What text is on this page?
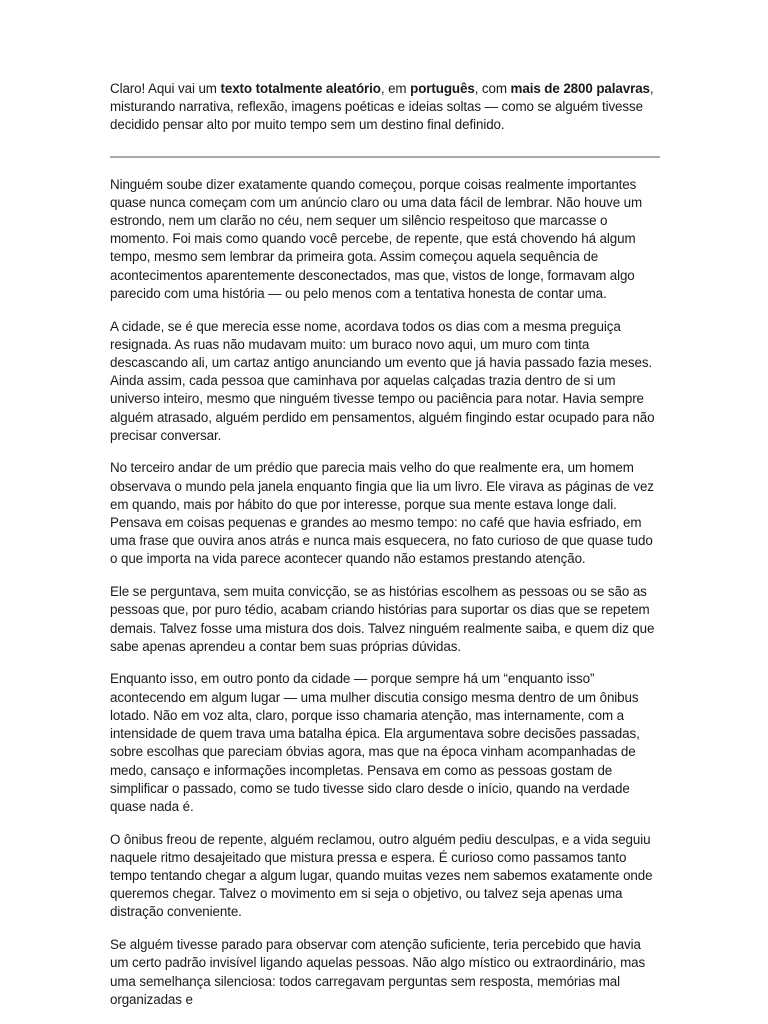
Claro! Aqui vai um texto totalmente aleatório, em português, com mais de 2800 palavras, misturando narrativa, reflexão, imagens poéticas e ideias soltas — como se alguém tivesse decidido pensar alto por muito tempo sem um destino final definido.

Ninguém soube dizer exatamente quando começou, porque coisas realmente importantes quase nunca começam com um anúncio claro ou uma data fácil de lembrar. Não houve um estrondo, nem um clarão no céu, nem sequer um silêncio respeitoso que marcasse o momento. Foi mais como quando você percebe, de repente, que está chovendo há algum tempo, mesmo sem lembrar da primeira gota. Assim começou aquela sequência de acontecimentos aparentemente desconectados, mas que, vistos de longe, formavam algo parecido com uma história — ou pelo menos com a tentativa honesta de contar uma.

A cidade, se é que merecia esse nome, acordava todos os dias com a mesma preguiça resignada. As ruas não mudavam muito: um buraco novo aqui, um muro com tinta descascando ali, um cartaz antigo anunciando um evento que já havia passado fazia meses. Ainda assim, cada pessoa que caminhava por aquelas calçadas trazia dentro de si um universo inteiro, mesmo que ninguém tivesse tempo ou paciência para notar. Havia sempre alguém atrasado, alguém perdido em pensamentos, alguém fingindo estar ocupado para não precisar conversar.

No terceiro andar de um prédio que parecia mais velho do que realmente era, um homem observava o mundo pela janela enquanto fingia que lia um livro. Ele virava as páginas de vez em quando, mais por hábito do que por interesse, porque sua mente estava longe dali. Pensava em coisas pequenas e grandes ao mesmo tempo: no café que havia esfriado, em uma frase que ouvira anos atrás e nunca mais esquecera, no fato curioso de que quase tudo o que importa na vida parece acontecer quando não estamos prestando atenção.

Ele se perguntava, sem muita convicção, se as histórias escolhem as pessoas ou se são as pessoas que, por puro tédio, acabam criando histórias para suportar os dias que se repetem demais. Talvez fosse uma mistura dos dois. Talvez ninguém realmente saiba, e quem diz que sabe apenas aprendeu a contar bem suas próprias dúvidas.

Enquanto isso, em outro ponto da cidade — porque sempre há um “enquanto isso” acontecendo em algum lugar — uma mulher discutia consigo mesma dentro de um ônibus lotado. Não em voz alta, claro, porque isso chamaria atenção, mas internamente, com a intensidade de quem trava uma batalha épica. Ela argumentava sobre decisões passadas, sobre escolhas que pareciam óbvias agora, mas que na época vinham acompanhadas de medo, cansaço e informações incompletas. Pensava em como as pessoas gostam de simplificar o passado, como se tudo tivesse sido claro desde o início, quando na verdade quase nada é.

O ônibus freou de repente, alguém reclamou, outro alguém pediu desculpas, e a vida seguiu naquele ritmo desajeitado que mistura pressa e espera. É curioso como passamos tanto tempo tentando chegar a algum lugar, quando muitas vezes nem sabemos exatamente onde queremos chegar. Talvez o movimento em si seja o objetivo, ou talvez seja apenas uma distração conveniente.

Se alguém tivesse parado para observar com atenção suficiente, teria percebido que havia um certo padrão invisível ligando aquelas pessoas. Não algo místico ou extraordinário, mas uma semelhança silenciosa: todos carregavam perguntas sem resposta, memórias mal organizadas e
